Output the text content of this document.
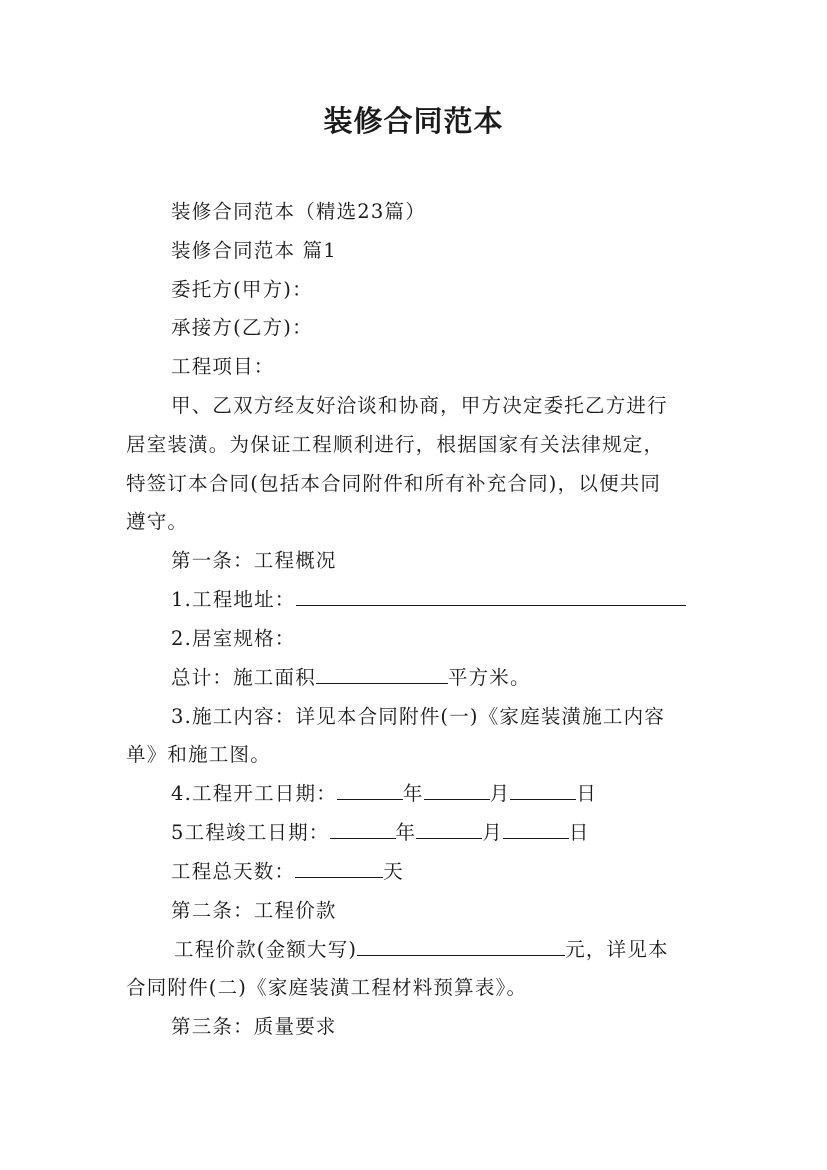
装修合同范本
装修合同范本（精选23篇）
装修合同范本 篇1
委托方(甲方)：
承接方(乙方)：
工程项目：
甲、乙双方经友好洽谈和协商，甲方决定委托乙方进行
居室装潢。为保证工程顺利进行，根据国家有关法律规定，
特签订本合同(包括本合同附件和所有补充合同)，以便共同
遵守。
第一条：工程概况
1.工程地址：
2.居室规格：
总计：施工面积	平方米。
3.施工内容：详见本合同附件(一)《家庭装潢施工内容
单》和施工图。
4.工程开工日期：	年	月	日
5工程竣工日期：	年	月	日
工程总天数：	天
第二条：工程价款
工程价款(金额大写)	元，详见本
合同附件(二)《家庭装潢工程材料预算表》。
第三条：质量要求
